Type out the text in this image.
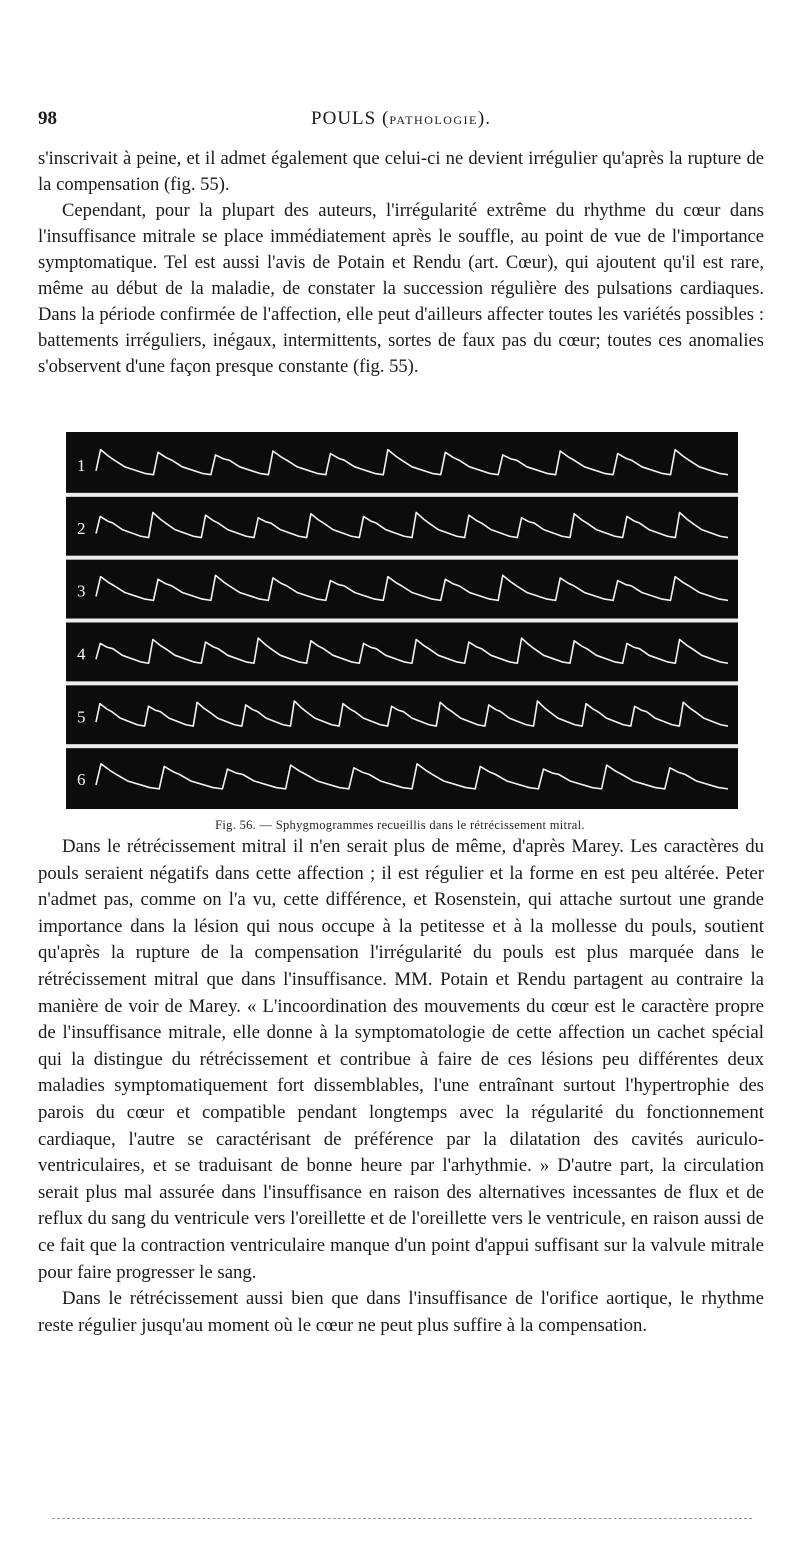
98	POULS (PATHOLOGIE).

s'inscrivait à peine, et il admet également que celui-ci ne devient irrégulier qu'après la rupture de la compensation (fig. 55).

Cependant, pour la plupart des auteurs, l'irrégularité extrême du rhythme du cœur dans l'insuffisance mitrale se place immédiatement après le souffle, au point de vue de l'importance symptomatique. Tel est aussi l'avis de Potain et Rendu (art. Cœur), qui ajoutent qu'il est rare, même au début de la maladie, de constater la succession régulière des pulsations cardiaques. Dans la période confirmée de l'affection, elle peut d'ailleurs affecter toutes les variétés possibles : battements irréguliers, inégaux, intermittents, sortes de faux pas du cœur; toutes ces anomalies s'observent d'une façon presque constante (fig. 55).

1
2
3
4
5
6
Fig. 56. — Sphygmogrammes recueillis dans le rétrécissement mitral.

Dans le rétrécissement mitral il n'en serait plus de même, d'après Marey. Les caractères du pouls seraient négatifs dans cette affection ; il est régulier et la forme en est peu altérée. Peter n'admet pas, comme on l'a vu, cette différence, et Rosenstein, qui attache surtout une grande importance dans la lésion qui nous occupe à la petitesse et à la mollesse du pouls, soutient qu'après la rupture de la compensation l'irrégularité du pouls est plus marquée dans le rétrécissement mitral que dans l'insuffisance. MM. Potain et Rendu partagent au contraire la manière de voir de Marey. « L'incoordination des mouvements du cœur est le caractère propre de l'insuffisance mitrale, elle donne à la symptomatologie de cette affection un cachet spécial qui la distingue du rétrécissement et contribue à faire de ces lésions peu différentes deux maladies symptomatiquement fort dissemblables, l'une entraînant surtout l'hypertrophie des parois du cœur et compatible pendant longtemps avec la régularité du fonctionnement cardiaque, l'autre se caractérisant de préférence par la dilatation des cavités auriculo-ventriculaires, et se traduisant de bonne heure par l'arhythmie. » D'autre part, la circulation serait plus mal assurée dans l'insuffisance en raison des alternatives incessantes de flux et de reflux du sang du ventricule vers l'oreillette et de l'oreillette vers le ventricule, en raison aussi de ce fait que la contraction ventriculaire manque d'un point d'appui suffisant sur la valvule mitrale pour faire progresser le sang.

Dans le rétrécissement aussi bien que dans l'insuffisance de l'orifice aortique, le rhythme reste régulier jusqu'au moment où le cœur ne peut plus suffire à la compensation.
